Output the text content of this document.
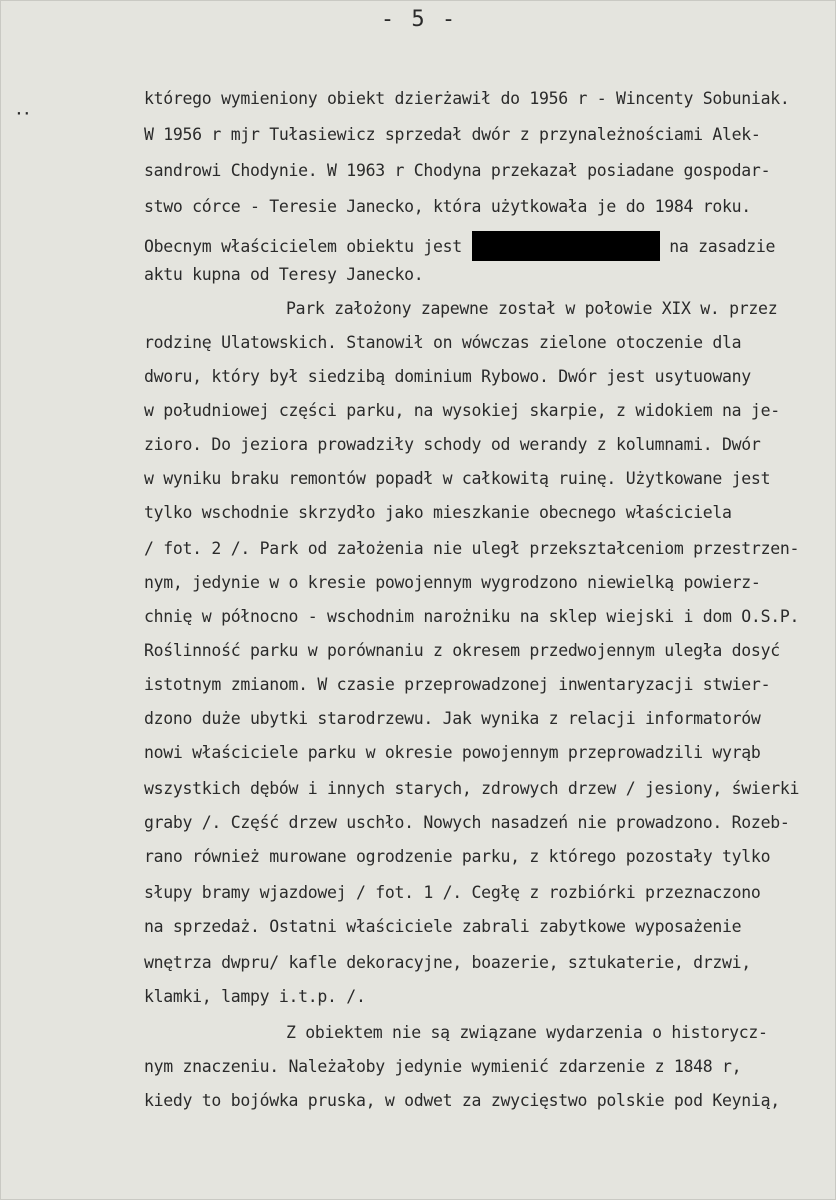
- 5 -
··
którego wymieniony obiekt dzierżawił do 1956 r - Wincenty Sobuniak.
W 1956 r mjr Tułasiewicz sprzedał dwór z przynależnościami Alek-
sandrowi Chodynie. W 1963 r Chodyna przekazał posiadane gospodar-
stwo córce - Teresie Janecko, która użytkowała je do 1984 roku.
Obecnym właścicielem obiektu jest	na zasadzie
aktu kupna od Teresy Janecko.
Park założony zapewne został w połowie XIX w. przez
rodzinę Ulatowskich. Stanowił on wówczas zielone otoczenie dla
dworu, który był siedzibą dominium Rybowo. Dwór jest usytuowany
w południowej części parku, na wysokiej skarpie, z widokiem na je-
zioro. Do jeziora prowadziły schody od werandy z kolumnami. Dwór
w wyniku braku remontów popadł w całkowitą ruinę. Użytkowane jest
tylko wschodnie skrzydło jako mieszkanie obecnego właściciela
/ fot. 2 /. Park od założenia nie uległ przekształceniom przestrzen-
nym, jedynie w o kresie powojennym wygrodzono niewielką powierz-
chnię w północno - wschodnim narożniku na sklep wiejski i dom O.S.P.
Roślinność parku w porównaniu z okresem przedwojennym uległa dosyć
istotnym zmianom. W czasie przeprowadzonej inwentaryzacji stwier-
dzono duże ubytki starodrzewu. Jak wynika z relacji informatorów
nowi właściciele parku w okresie powojennym przeprowadzili wyrąb
wszystkich dębów i innych starych, zdrowych drzew / jesiony, świerki
graby /. Część drzew uschło. Nowych nasadzeń nie prowadzono. Rozeb-
rano również murowane ogrodzenie parku, z którego pozostały tylko
słupy bramy wjazdowej / fot. 1 /. Cegłę z rozbiórki przeznaczono
na sprzedaż. Ostatni właściciele zabrali zabytkowe wyposażenie
wnętrza dwpru/ kafle dekoracyjne, boazerie, sztukaterie, drzwi,
klamki, lampy i.t.p. /.
Z obiektem nie są związane wydarzenia o historycz-
nym znaczeniu. Należałoby jedynie wymienić zdarzenie z 1848 r,
kiedy to bojówka pruska, w odwet za zwycięstwo polskie pod Keynią,
